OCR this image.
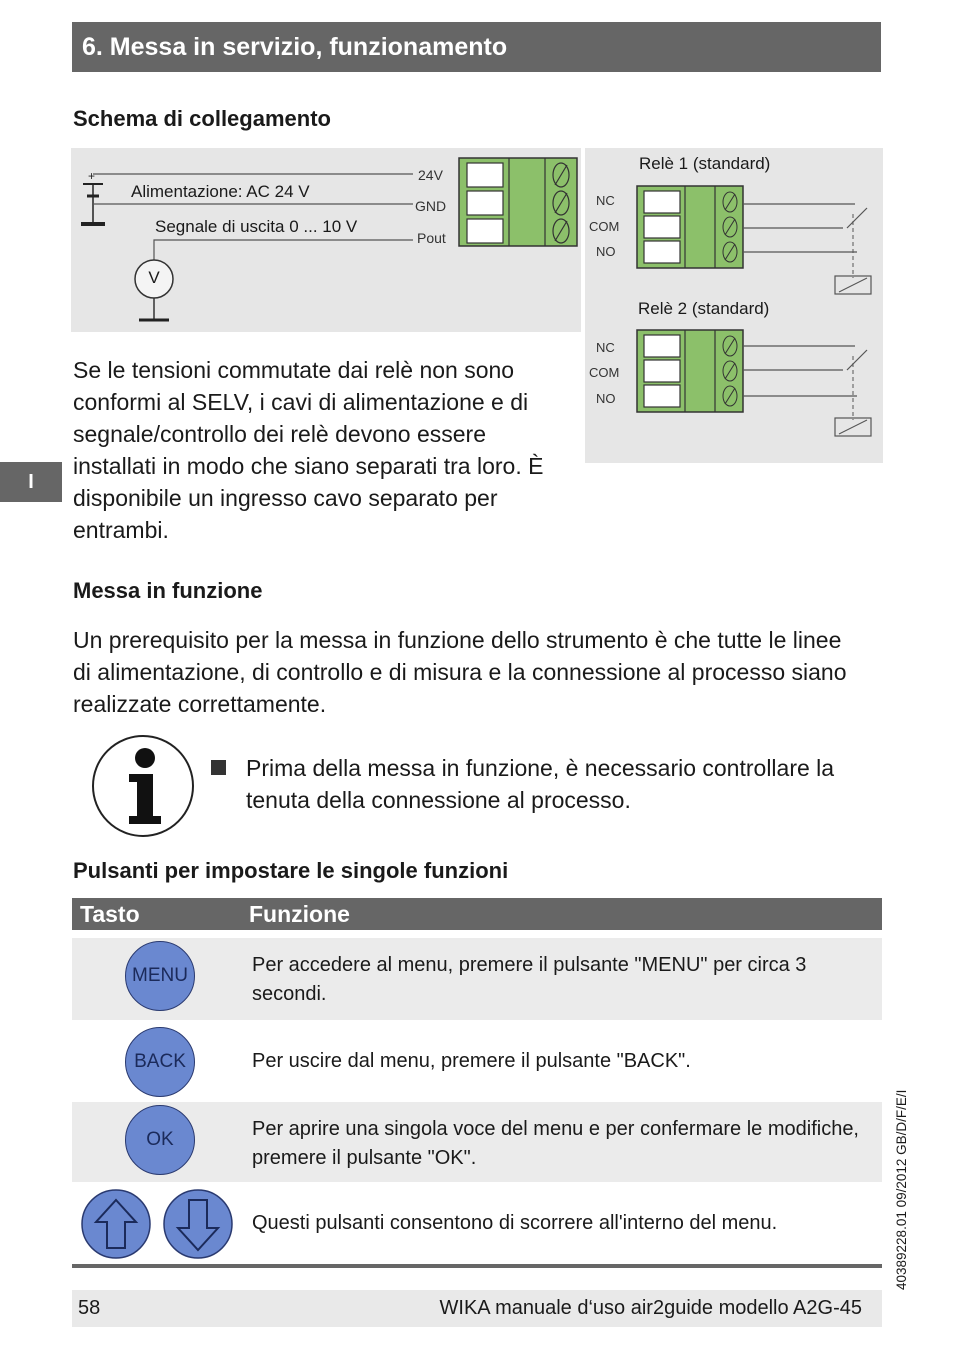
6. Messa in servizio, funzionamento
I
Schema di collegamento
+
Alimentazione: AC 24 V
Segnale di uscita 0 ... 10 V
V
24V
GND
Pout
Relè 1 (standard)
NC
COM
NO
Relè 2 (standard)
NC
COM
NO
Se le tensioni commutate dai relè non sono conformi al SELV, i cavi di alimentazione e di segnale/controllo dei relè devono essere installati in modo che siano separati tra loro. È disponibile un ingresso cavo separato per entrambi.
Messa in funzione
Un prerequisito per la messa in funzione dello strumento è che tutte le linee di alimentazione, di controllo e di misura e la connessione al processo siano realizzate correttamente.
Prima della messa in funzione, è necessario controllare la tenuta della connessione al processo.
Pulsanti per impostare le singole funzioni
Tasto	Funzione
MENU	Per accedere al menu, premere il pulsante "MENU" per circa 3 secondi.
BACK	Per uscire dal menu, premere il pulsante "BACK".
OK	Per aprire una singola voce del menu e per confermare le modifiche, premere il pulsante "OK".
Questi pulsanti consentono di scorrere all'interno del menu.
58	WIKA manuale d‘uso air2guide modello A2G-45
40389228.01 09/2012 GB/D/F/E/I
